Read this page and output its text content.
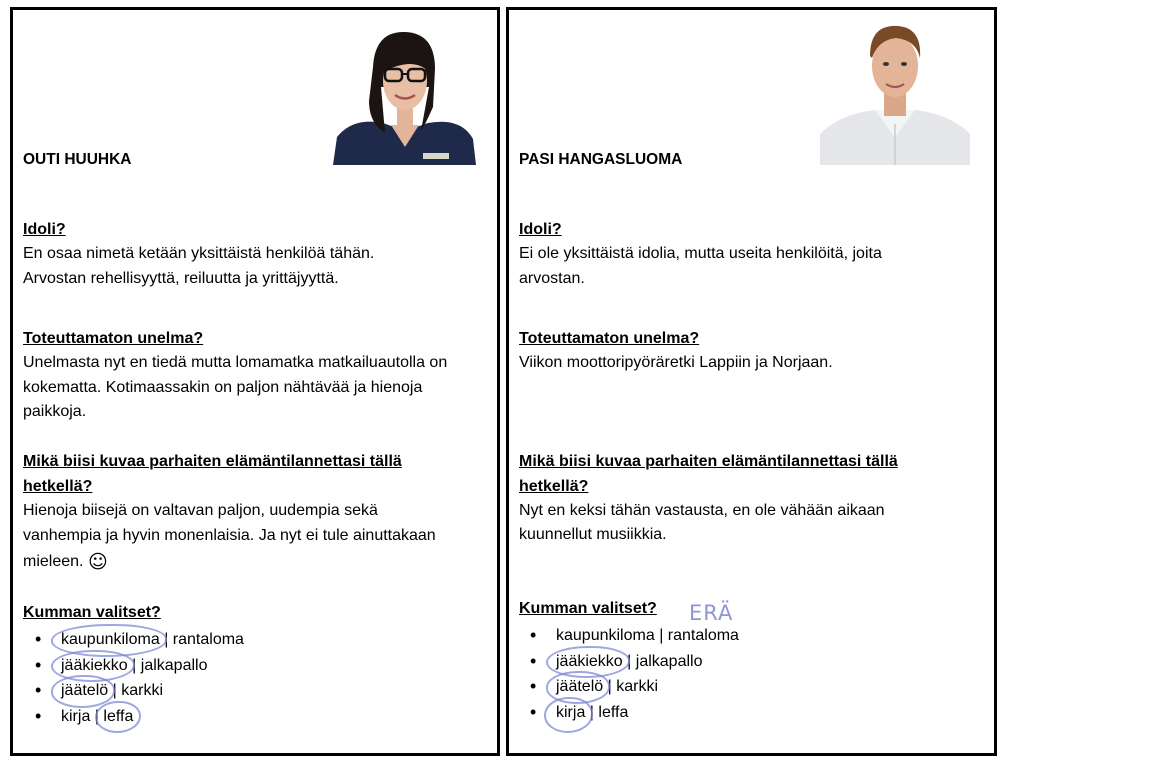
OUTI HUUHKA
Idoli?
En osaa nimetä ketään yksittäistä henkilöä tähän.
Arvostan rehellisyyttä, reiluutta ja yrittäjyyttä.
Toteuttamaton unelma?
Unelmasta nyt en tiedä mutta lomamatka matkailuautolla on
kokematta. Kotimaassakin on paljon nähtävää ja hienoja
paikkoja.
Mikä biisi kuvaa parhaiten elämäntilannettasi tällä
hetkellä?
Hienoja biisejä on valtavan paljon, uudempia sekä
vanhempia ja hyvin monenlaisia. Ja nyt ei tule ainuttakaan
mieleen. ☺
Kumman valitset?
• kaupunkiloma | rantaloma
• jääkiekko | jalkapallo
• jäätelö | karkki
• kirja | leffa
PASI HANGASLUOMA
Idoli?
Ei ole yksittäistä idolia, mutta useita henkilöitä, joita
arvostan.
Toteuttamaton unelma?
Viikon moottoripyöräretki Lappiin ja Norjaan.
Mikä biisi kuvaa parhaiten elämäntilannettasi tällä
hetkellä?
Nyt en keksi tähän vastausta, en ole vähään aikaan
kuunnellut musiikkia.
Kumman valitset? ERÄ
• kaupunkiloma | rantaloma
• jääkiekko | jalkapallo
• jäätelö | karkki
• kirja | leffa
